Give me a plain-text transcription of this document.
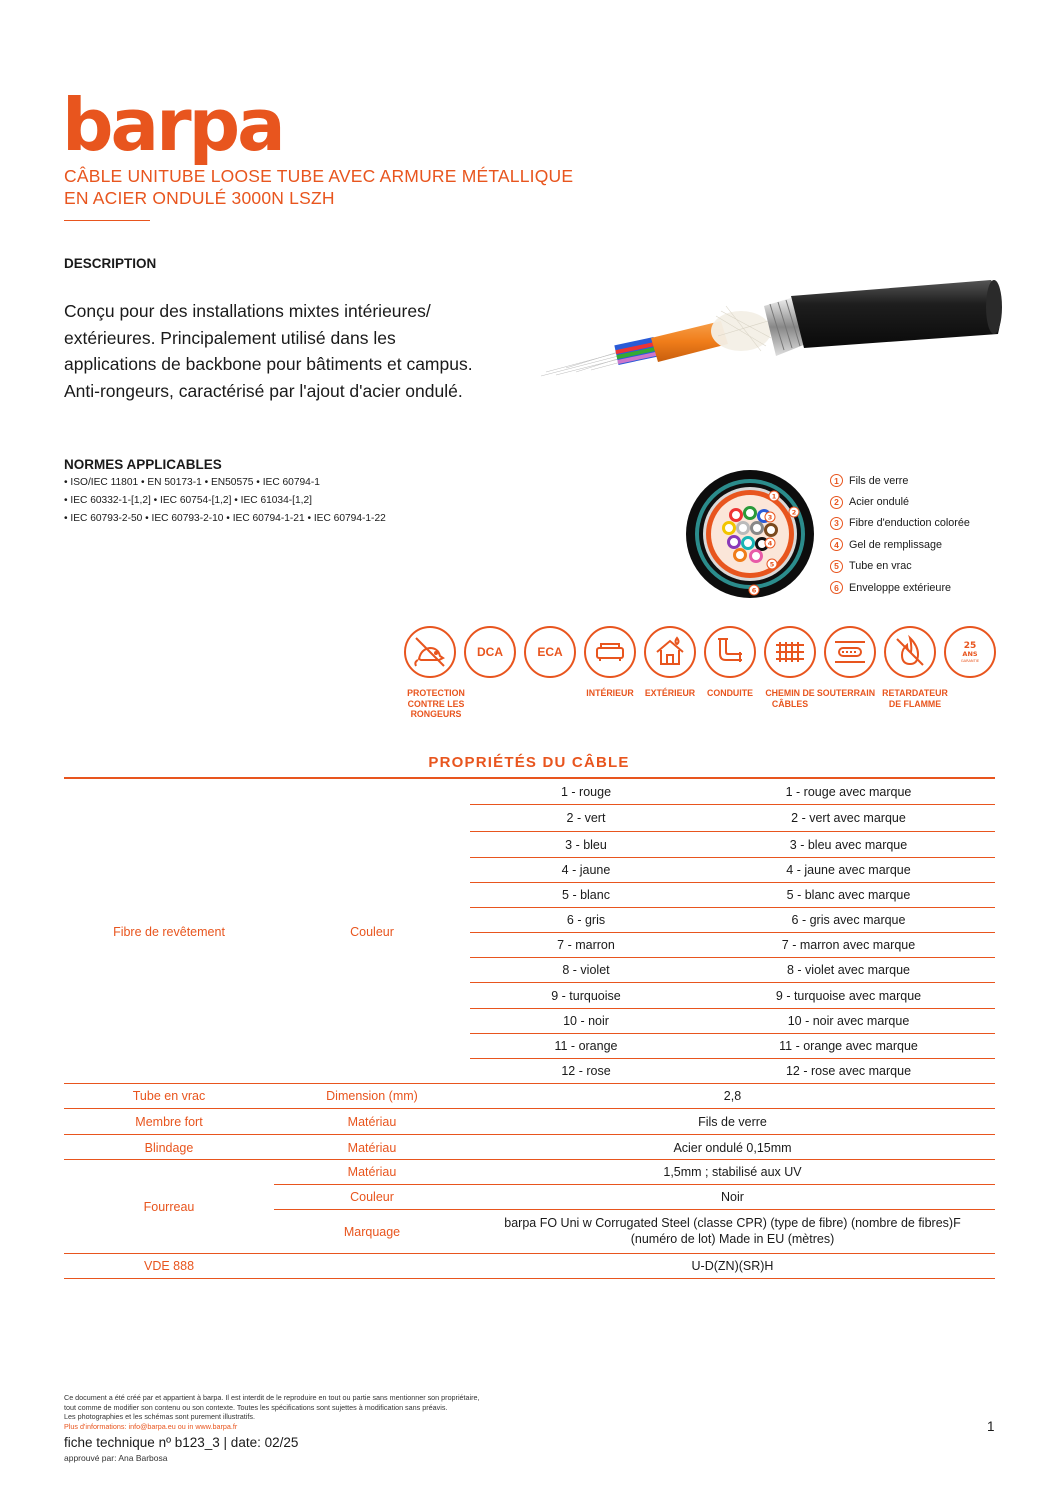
barpa
CÂBLE UNITUBE LOOSE TUBE AVEC ARMURE MÉTALLIQUE
EN ACIER ONDULÉ 3000N LSZH
DESCRIPTION
Conçu pour des installations mixtes intérieures/ extérieures. Principalement utilisé dans les applications de backbone pour bâtiments et campus. Anti-rongeurs, caractérisé par l'ajout d'acier ondulé.
NORMES APPLICABLES
• ISO/IEC 11801 • EN 50173-1 • EN50575 • IEC 60794-1
• IEC 60332-1-[1,2] • IEC 60754-[1,2] • IEC 61034-[1,2]
• IEC 60793-2-50 • IEC 60793-2-10 • IEC 60794-1-21 • IEC 60794-1-22
1
2
3
4
5
6
1 Fils de verre
2 Acier ondulé
3 Fibre d'enduction colorée
4 Gel de remplissage
5 Tube en vrac
6 Enveloppe extérieure
DCA	ECA	25
ANS
GARANTIE
PROTECTION CONTRE LES RONGEURS
INTÉRIEUR	EXTÉRIEUR	CONDUITE	CHEMIN DE CÂBLES
SOUTERRAIN RETARDATEUR DE FLAMME
PROPRIÉTÉS DU CÂBLE
Fibre de revêtement	Couleur
1 - rouge	1 - rouge avec marque
2 - vert	2 - vert avec marque
3 - bleu	3 - bleu avec marque
4 - jaune	4 - jaune avec marque
5 - blanc	5 - blanc avec marque
6 - gris	6 - gris avec marque
7 - marron	7 - marron avec marque
8 - violet	8 - violet avec marque
9 - turquoise	9 - turquoise avec marque
10 - noir	10 - noir avec marque
11 - orange	11 - orange avec marque
12 - rose	12 - rose avec marque
Tube en vrac	Dimension (mm)	2,8
Membre fort	Matériau	Fils de verre
Blindage	Matériau	Acier ondulé 0,15mm
Fourreau
Matériau	1,5mm ; stabilisé aux UV
Couleur	Noir
Marquage
barpa FO Uni w Corrugated Steel (classe CPR) (type de fibre) (nombre de fibres)F
(numéro de lot) Made in EU (mètres)
VDE 888	U-D(ZN)(SR)H
Ce document a été créé par et appartient à barpa. Il est interdit de le reproduire en tout ou partie sans mentionner son propriétaire,
tout comme de modifier son contenu ou son contexte. Toutes les spécifications sont sujettes à modification sans préavis.
Les photographies et les schémas sont purement illustratifs.
Plus d'informations: info@barpa.eu ou in www.barpa.fr
fiche technique nº b123_3 | date: 02/25
approuvé par: Ana Barbosa
1
